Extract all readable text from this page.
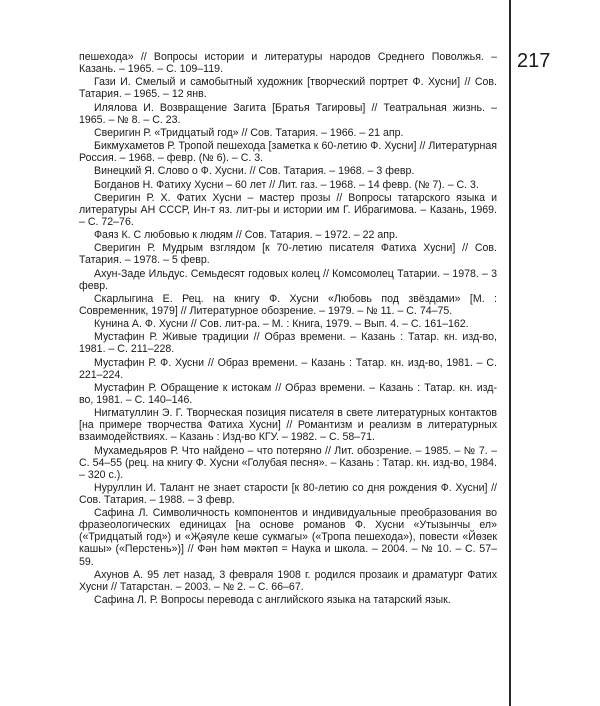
217

пешехода» // Вопросы истории и литературы народов Среднего Поволжья. – Казань. – 1965. – С. 109–119.

Гази И. Смелый и самобытный художник [творческий портрет Ф. Хусни] // Сов. Татария. – 1965. – 12 янв.

Илялова И. Возвращение Загита [Братья Тагировы] // Театральная жизнь. – 1965. – № 8. – С. 23.

Сверигин Р. «Тридцатый год» // Сов. Татария. – 1966. – 21 апр.

Бикмухаметов Р. Тропой пешехода [заметка к 60-летию Ф. Хусни] // Литературная Россия. – 1968. – февр. (№ 6). – С. 3.

Винецкий Я. Слово о Ф. Хусни. // Сов. Татария. – 1968. – 3 февр.

Богданов Н. Фатиху Хусни – 60 лет // Лит. газ. – 1968. – 14 февр. (№ 7). – С. 3.

Сверигин Р. Х. Фатих Хусни – мастер прозы // Вопросы татарского языка и литературы АН СССР, Ин-т яз. лит-ры и истории им Г. Ибрагимова. – Казань, 1969. – С. 72–76.

Фаяз К. С любовью к людям // Сов. Татария. – 1972. – 22 апр.

Сверигин Р. Мудрым взглядом [к 70-летию писателя Фатиха Хусни] // Сов. Татария. – 1978. – 5 февр.

Ахун-Заде Ильдус. Семьдесят годовых колец // Комсомолец Татарии. – 1978. – 3 февр.

Скарлыгина Е. Рец. на книгу Ф. Хусни «Любовь под звёздами» [М. : Современник, 1979] // Литературное обозрение. – 1979. – № 11. – С. 74–75.

Кунина А. Ф. Хусни // Сов. лит-ра. – М. : Книга, 1979. – Вып. 4. – С. 161–162.

Мустафин Р. Живые традиции // Образ времени. – Казань : Татар. кн. изд-во, 1981. – С. 211–228.

Мустафин Р. Ф. Хусни // Образ времени. – Казань : Татар. кн. изд-во, 1981. – С. 221–224.

Мустафин Р. Обращение к истокам // Образ времени. – Казань : Татар. кн. изд-во, 1981. – С. 140–146.

Нигматуллин Э. Г. Творческая позиция писателя в свете литературных контактов [на примере творчества Фатиха Хусни] // Романтизм и реализм в литературных взаимодействиях. – Казань : Изд-во КГУ. – 1982. – С. 58–71.

Мухамедьяров Р. Что найдено – что потеряно // Лит. обозрение. – 1985. – № 7. – С. 54–55 (рец. на книгу Ф. Хусни «Голубая песня». – Казань : Татар. кн. изд-во, 1984. – 320 с.).

Нуруллин И. Талант не знает старости [к 80-летию со дня рождения Ф. Хусни] // Сов. Татария. – 1988. – 3 февр.

Сафина Л. Символичность компонентов и индивидуальные преобразования во фразеологических единицах [на основе романов Ф. Хусни «Утызынчы ел» («Тридцатый год») и «Җәяүле кеше сукмагы» («Тропа пешехода»), повести «Йөзек кашы» («Перстень»)] // Фән һәм мәктәп = Наука и школа. – 2004. – № 10. – С. 57–59.

Ахунов А. 95 лет назад, 3 февраля 1908 г. родился прозаик и драматург Фатих Хусни // Татарстан. – 2003. – № 2. – С. 66–67.

Сафина Л. Р. Вопросы перевода с английского языка на татарский язык.
